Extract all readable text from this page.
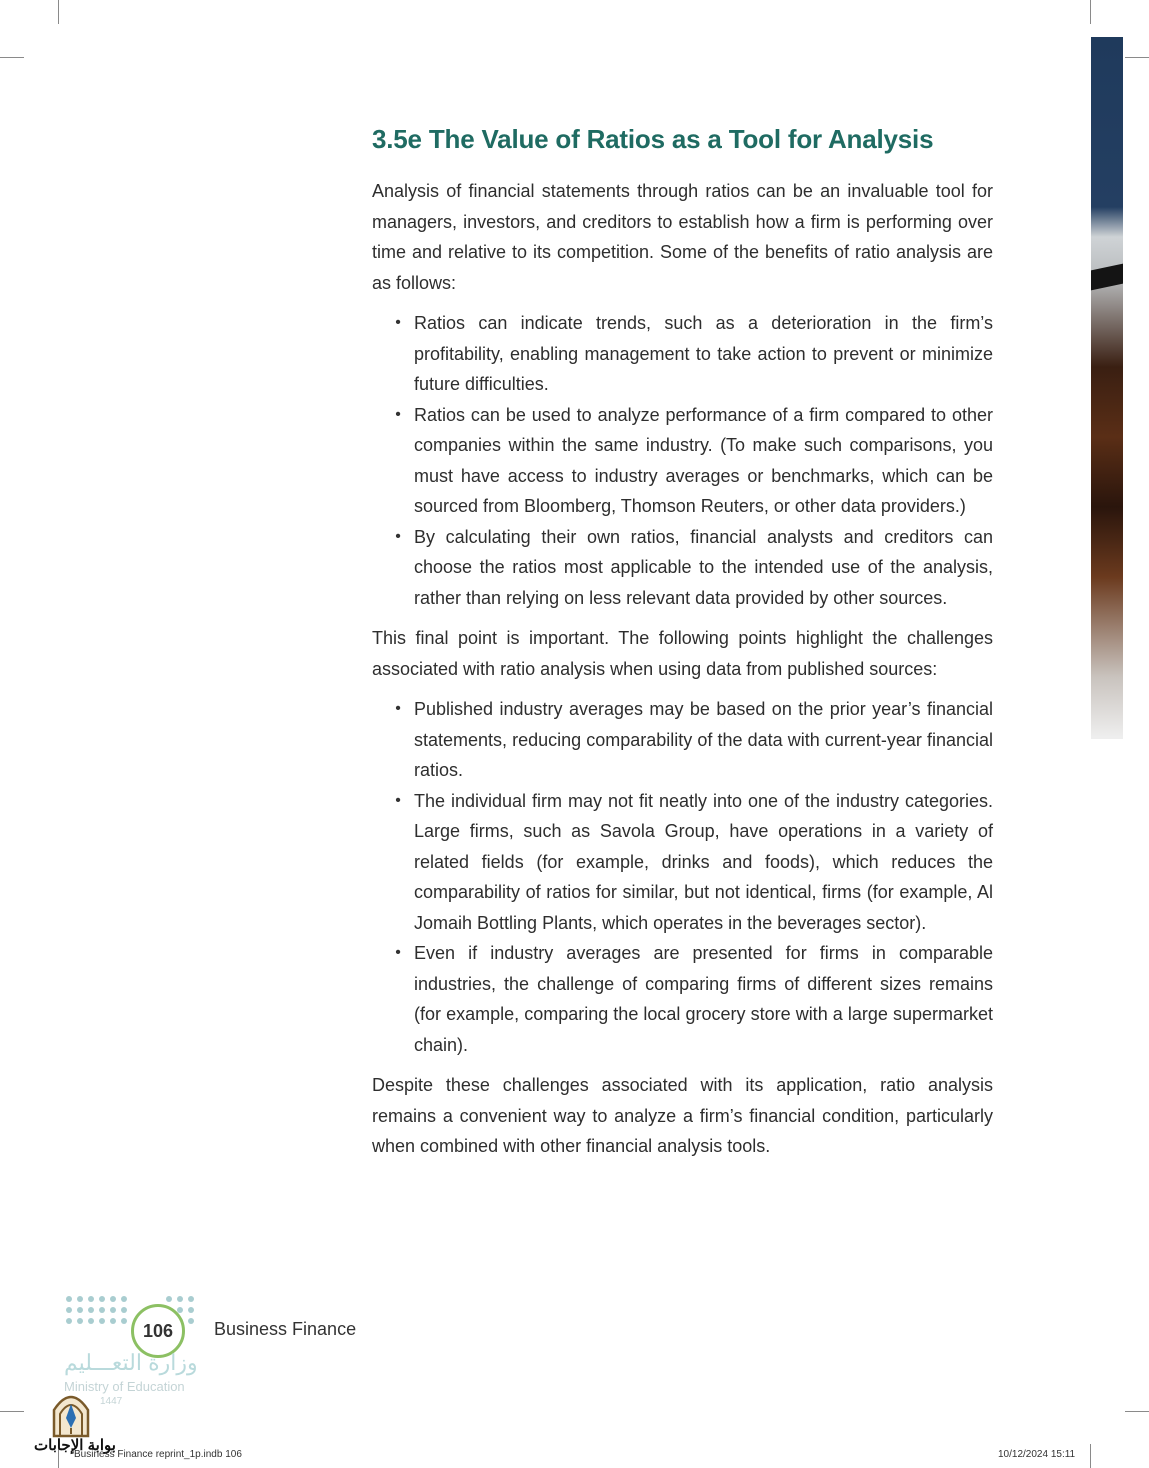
3.5e The Value of Ratios as a Tool for Analysis

Analysis of financial statements through ratios can be an invaluable tool for managers, investors, and creditors to establish how a firm is performing over time and relative to its competition. Some of the benefits of ratio analysis are as follows:

• Ratios can indicate trends, such as a deterioration in the firm’s profitability, enabling management to take action to prevent or minimize future difficulties.
• Ratios can be used to analyze performance of a firm compared to other companies within the same industry. (To make such comparisons, you must have access to industry averages or benchmarks, which can be sourced from Bloomberg, Thomson Reuters, or other data providers.)
• By calculating their own ratios, financial analysts and creditors can choose the ratios most applicable to the intended use of the analysis, rather than relying on less relevant data provided by other sources.

This final point is important. The following points highlight the challenges associated with ratio analysis when using data from published sources:

• Published industry averages may be based on the prior year’s financial statements, reducing comparability of the data with current-year financial ratios.
• The individual firm may not fit neatly into one of the industry categories. Large firms, such as Savola Group, have operations in a variety of related fields (for example, drinks and foods), which reduces the comparability of ratios for similar, but not identical, firms (for example, Al Jomaih Bottling Plants, which operates in the beverages sector).
• Even if industry averages are presented for firms in comparable industries, the challenge of comparing firms of different sizes remains (for example, comparing the local grocery store with a large supermarket chain).

Despite these challenges associated with its application, ratio analysis remains a convenient way to analyze a firm’s financial condition, particularly when combined with other financial analysis tools.

106 Business Finance
وزارة التعـــليم
Ministry of Education
1447
بوابة الإجابات
Business Finance reprint_1p.indb 106	10/12/2024 15:11
